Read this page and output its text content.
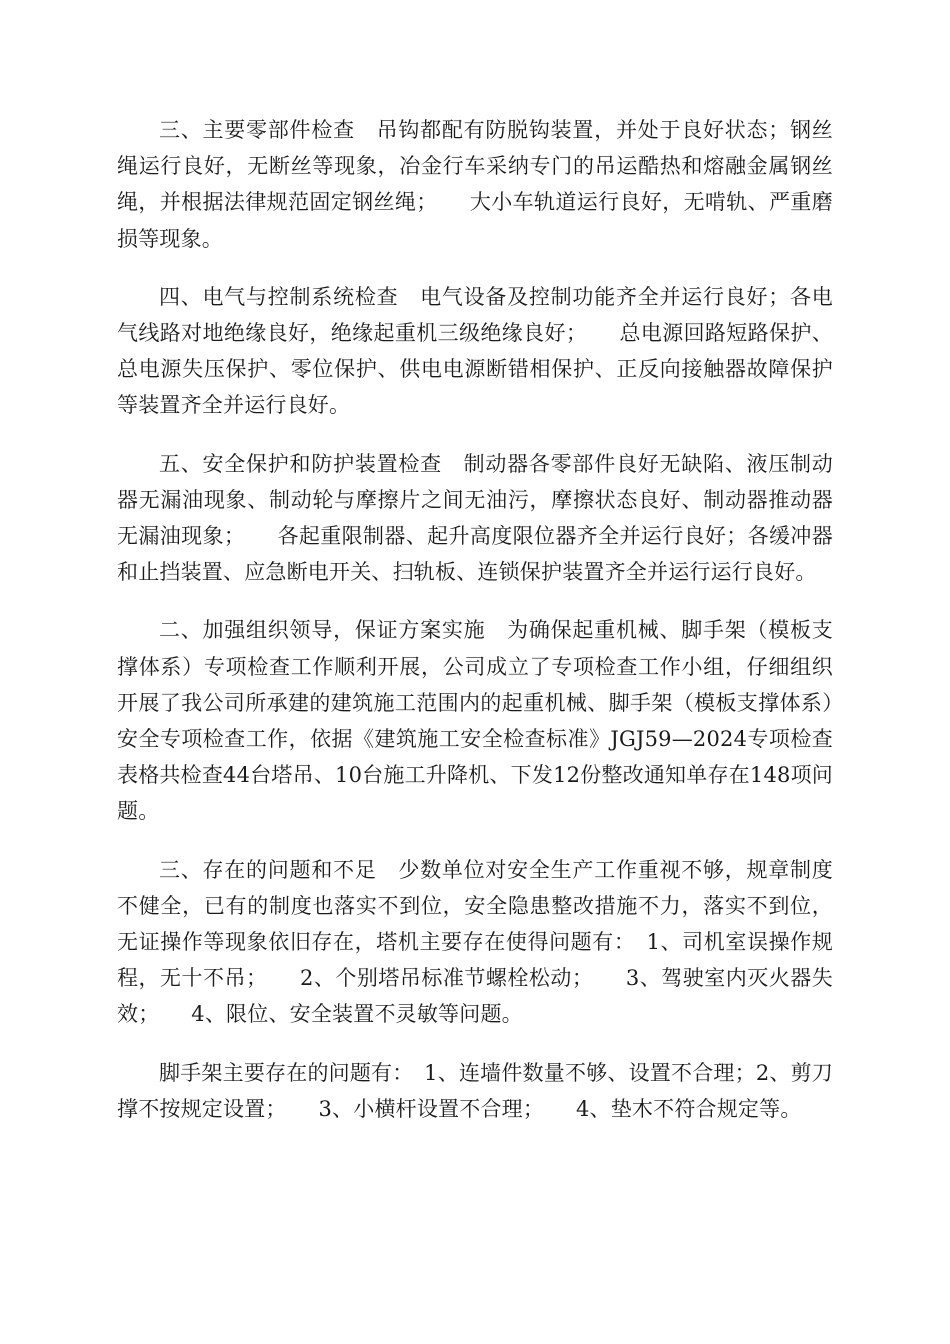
三、主要零部件检查　吊钩都配有防脱钩装置，并处于良好状态；钢丝绳运行良好，无断丝等现象，冶金行车采纳专门的吊运酷热和熔融金属钢丝绳，并根据法律规范固定钢丝绳；　　大小车轨道运行良好，无啃轨、严重磨损等现象。

四、电气与控制系统检查　电气设备及控制功能齐全并运行良好；各电气线路对地绝缘良好，绝缘起重机三级绝缘良好；　　总电源回路短路保护、总电源失压保护、零位保护、供电电源断错相保护、正反向接触器故障保护等装置齐全并运行良好。

五、安全保护和防护装置检查　制动器各零部件良好无缺陷、液压制动器无漏油现象、制动轮与摩擦片之间无油污，摩擦状态良好、制动器推动器无漏油现象；　　各起重限制器、起升高度限位器齐全并运行良好；各缓冲器和止挡装置、应急断电开关、扫轨板、连锁保护装置齐全并运行运行良好。

二、加强组织领导，保证方案实施　为确保起重机械、脚手架（模板支撑体系）专项检查工作顺利开展，公司成立了专项检查工作小组，仔细组织开展了我公司所承建的建筑施工范围内的起重机械、脚手架（模板支撑体系）安全专项检查工作，依据《建筑施工安全检查标准》JGJ59—2024专项检查表格共检查44台塔吊、10台施工升降机、下发12份整改通知单存在148项问题。

三、存在的问题和不足　少数单位对安全生产工作重视不够，规章制度不健全，已有的制度也落实不到位，安全隐患整改措施不力，落实不到位，无证操作等现象依旧存在，塔机主要存在使得问题有：　1、司机室误操作规程，无十不吊；　　2、个别塔吊标准节螺栓松动；　　3、驾驶室内灭火器失效；　　4、限位、安全装置不灵敏等问题。

脚手架主要存在的问题有：　1、连墙件数量不够、设置不合理；2、剪刀撑不按规定设置；　　3、小横杆设置不合理；　　4、垫木不符合规定等。
